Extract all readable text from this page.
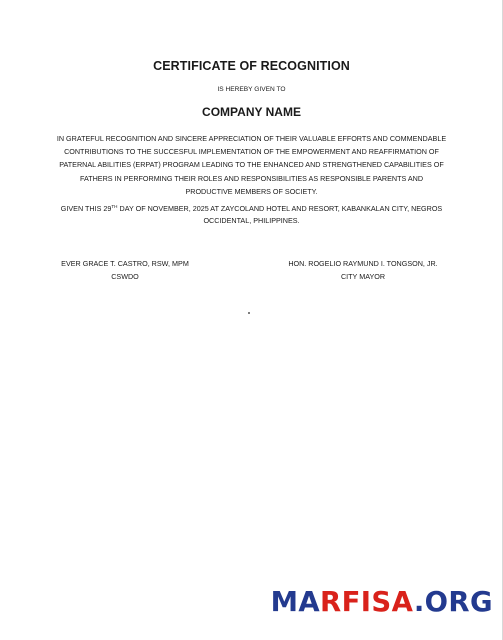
CERTIFICATE OF RECOGNITION
IS HEREBY GIVEN TO
COMPANY NAME
IN GRATEFUL RECOGNITION AND SINCERE APPRECIATION OF THEIR VALUABLE EFFORTS AND COMMENDABLE CONTRIBUTIONS TO THE SUCCESFUL IMPLEMENTATION OF THE EMPOWERMENT AND REAFFIRMATION OF PATERNAL ABILITIES (ERPAT) PROGRAM LEADING TO THE ENHANCED AND STRENGTHENED CAPABILITIES OF FATHERS IN PERFORMING THEIR ROLES AND RESPONSIBILITIES AS RESPONSIBLE PARENTS AND PRODUCTIVE MEMBERS OF SOCIETY.
GIVEN THIS 29TH DAY OF NOVEMBER, 2025 AT ZAYCOLAND HOTEL AND RESORT, KABANKALAN CITY, NEGROS OCCIDENTAL, PHILIPPINES.
EVER GRACE T. CASTRO, RSW, MPM
CSWDO
HON. ROGELIO RAYMUND I. TONGSON, JR.
CITY MAYOR
MARFISA.ORG
